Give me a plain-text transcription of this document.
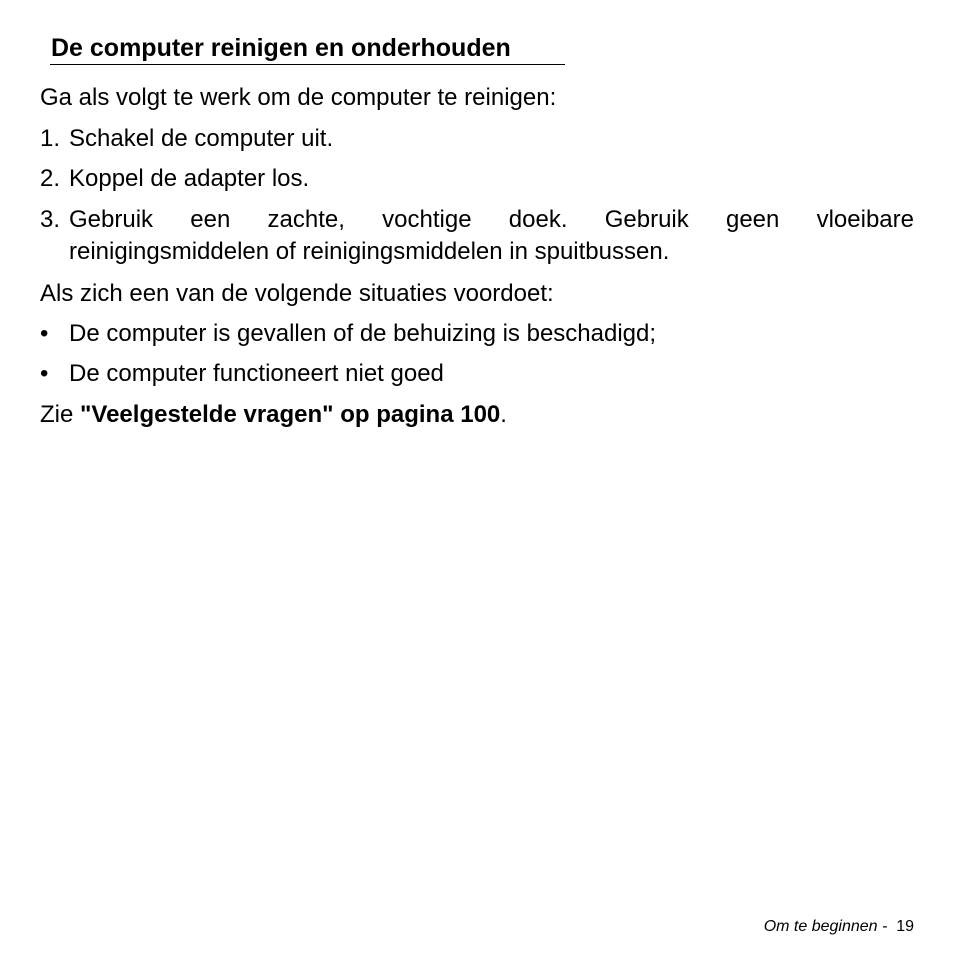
De computer reinigen en onderhouden

Ga als volgt te werk om de computer te reinigen:

1. Schakel de computer uit.
2. Koppel de adapter los.
3. Gebruik een zachte, vochtige doek. Gebruik geen vloeibare

reinigingsmiddelen of reinigingsmiddelen in spuitbussen.

Als zich een van de volgende situaties voordoet:

• De computer is gevallen of de behuizing is beschadigd;
• De computer functioneert niet goed

Zie "Veelgestelde vragen" op pagina 100.

Om te beginnen - 19
